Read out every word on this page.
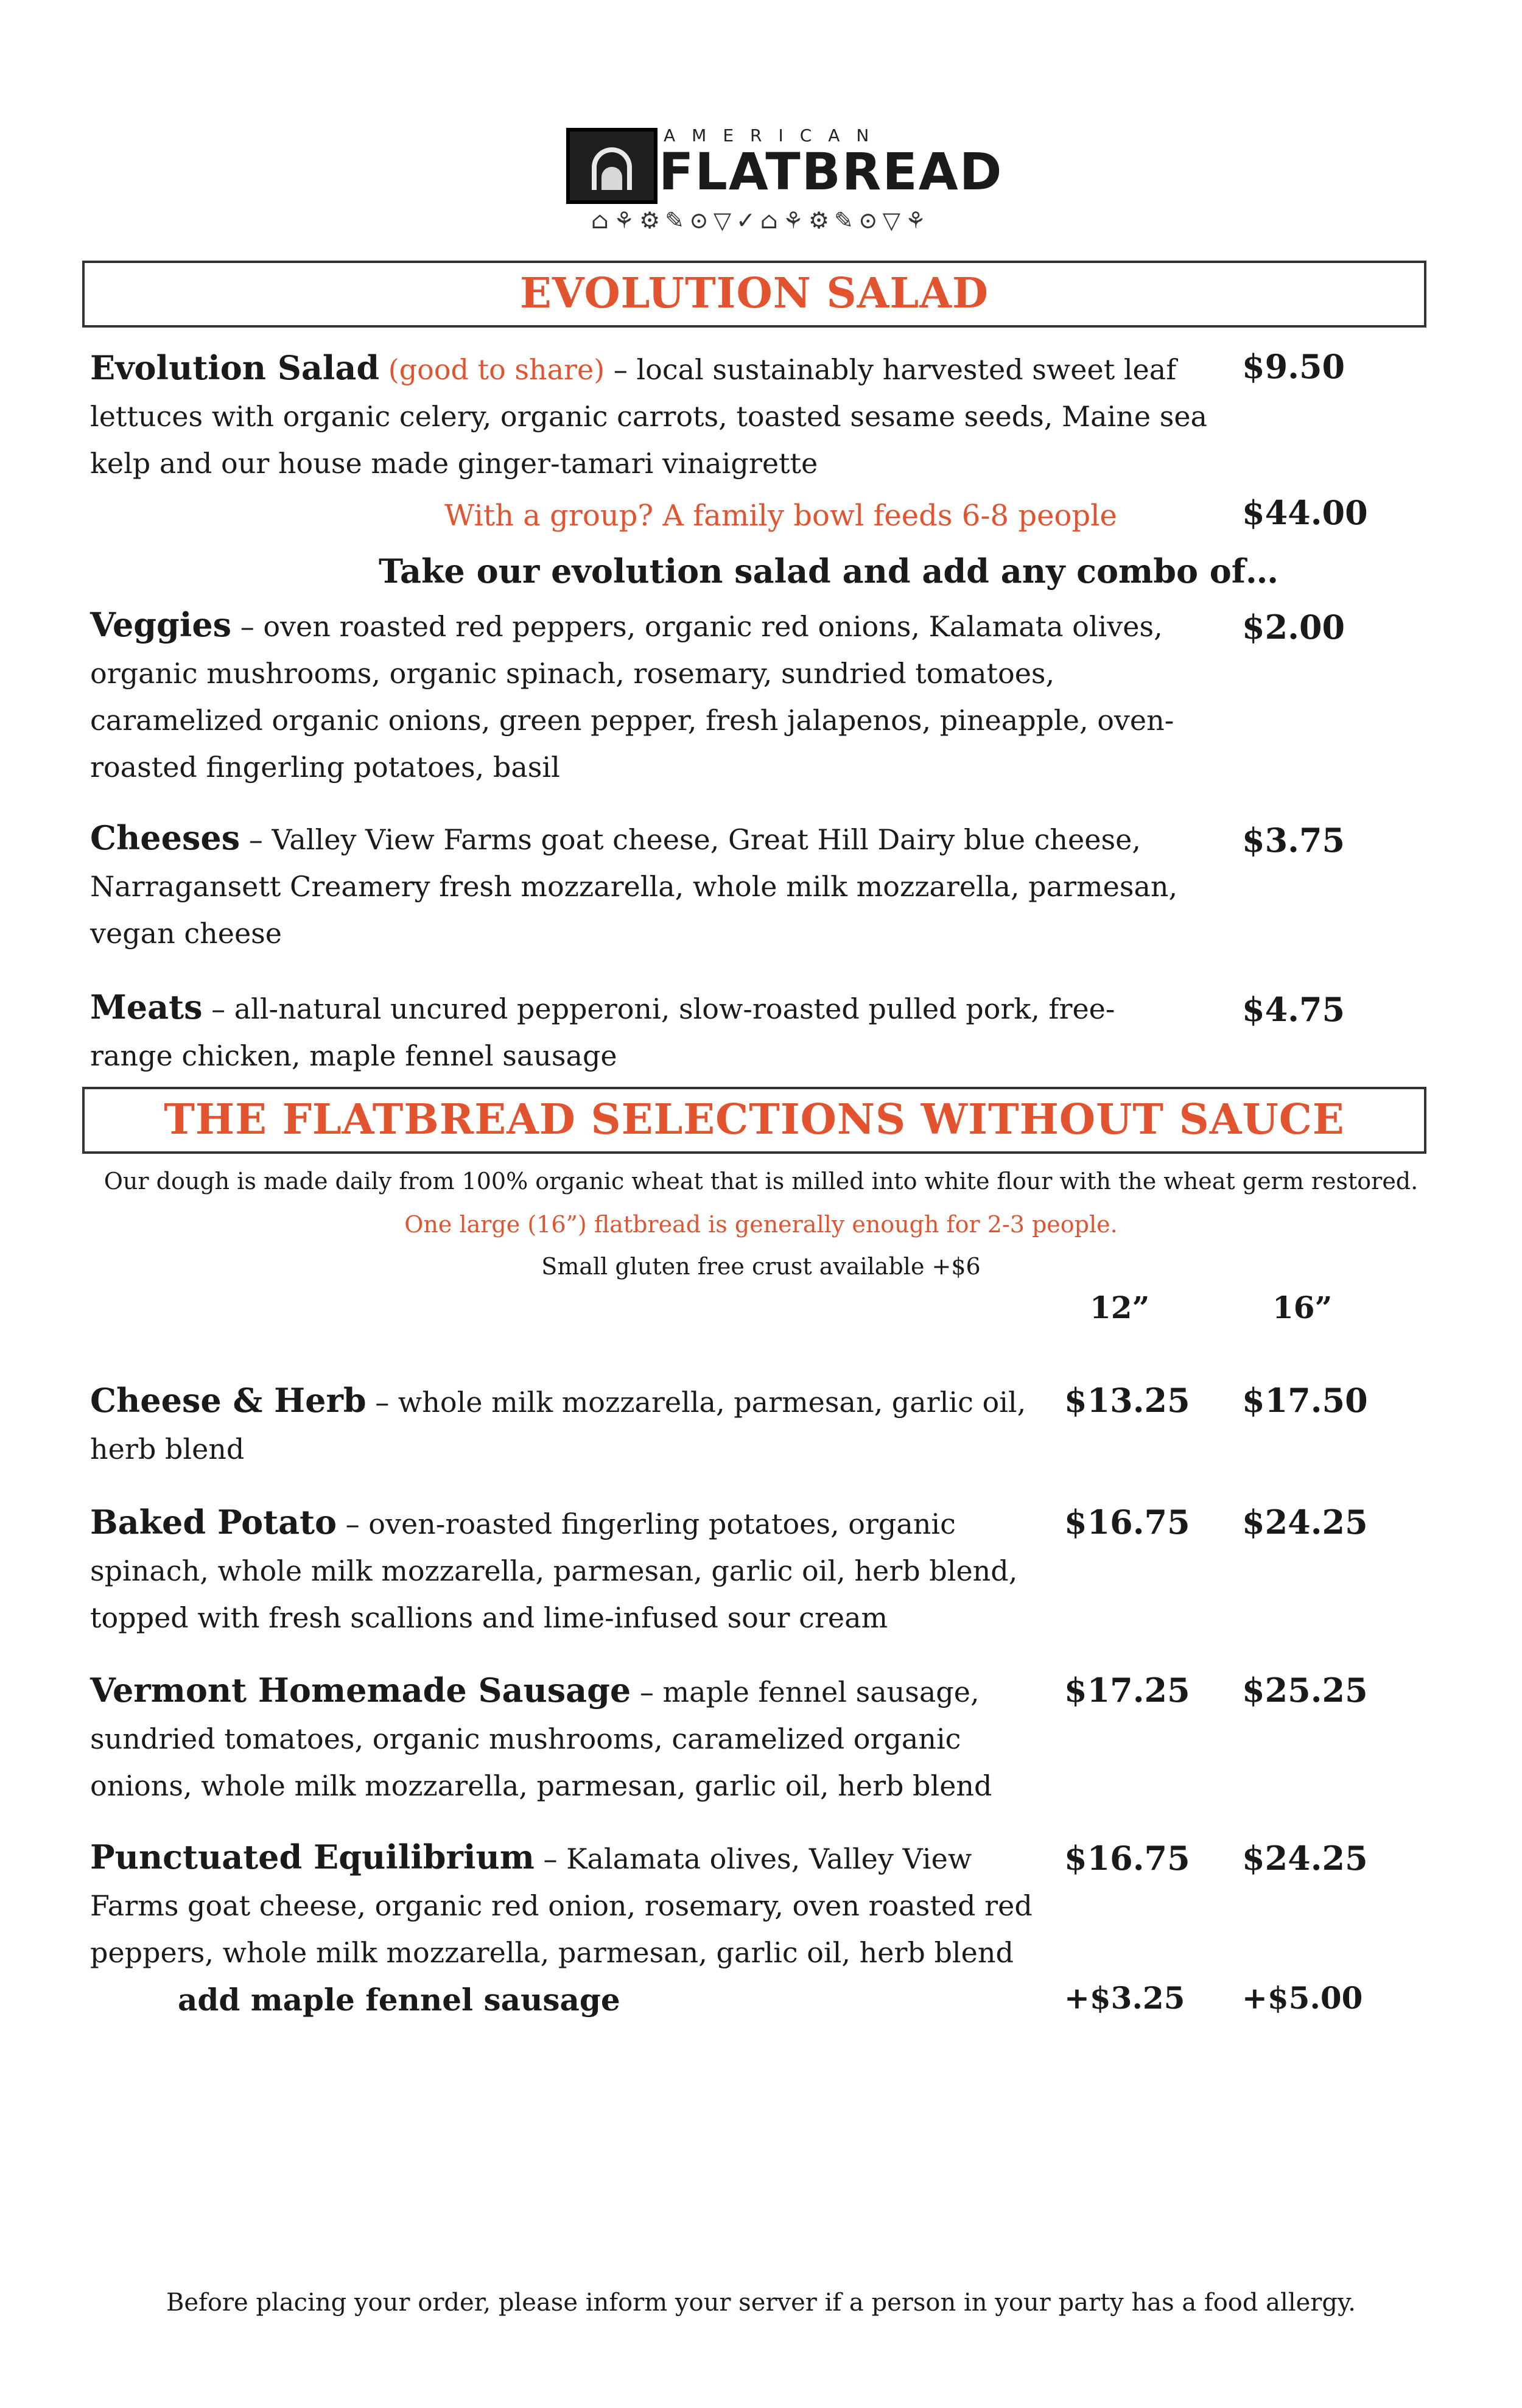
AMERICAN
FLATBREAD
⌂⚘⚙✎⊙▽✓⌂⚘⚙✎⊙▽⚘
EVOLUTION SALAD
Evolution Salad (good to share) – local sustainably harvested sweet leaf lettuces with organic celery, organic carrots, toasted sesame seeds, Maine sea kelp and our house made ginger-tamari vinaigrette
$9.50
With a group? A family bowl feeds 6-8 people	$44.00
Take our evolution salad and add any combo of…
Veggies – oven roasted red peppers, organic red onions, Kalamata olives, organic mushrooms, organic spinach, rosemary, sundried tomatoes, caramelized organic onions, green pepper, fresh jalapenos, pineapple, oven-roasted fingerling potatoes, basil
$2.00
Cheeses – Valley View Farms goat cheese, Great Hill Dairy blue cheese, Narragansett Creamery fresh mozzarella, whole milk mozzarella, parmesan, vegan cheese
$3.75
Meats – all-natural uncured pepperoni, slow-roasted pulled pork, free-range chicken, maple fennel sausage
$4.75
THE FLATBREAD SELECTIONS WITHOUT SAUCE
Our dough is made daily from 100% organic wheat that is milled into white flour with the wheat germ restored.
One large (16”) flatbread is generally enough for 2-3 people.
Small gluten free crust available +$6
12”	16”
Cheese & Herb – whole milk mozzarella, parmesan, garlic oil, herb blend
$13.25 $17.50
Baked Potato – oven-roasted fingerling potatoes, organic spinach, whole milk mozzarella, parmesan, garlic oil, herb blend, topped with fresh scallions and lime-infused sour cream
$16.75 $24.25
Vermont Homemade Sausage – maple fennel sausage, sundried tomatoes, organic mushrooms, caramelized organic onions, whole milk mozzarella, parmesan, garlic oil, herb blend
$17.25 $25.25
Punctuated Equilibrium – Kalamata olives, Valley View Farms goat cheese, organic red onion, rosemary, oven roasted red peppers, whole milk mozzarella, parmesan, garlic oil, herb blend
$16.75 $24.25
add maple fennel sausage	+$3.25 +$5.00
Before placing your order, please inform your server if a person in your party has a food allergy.
